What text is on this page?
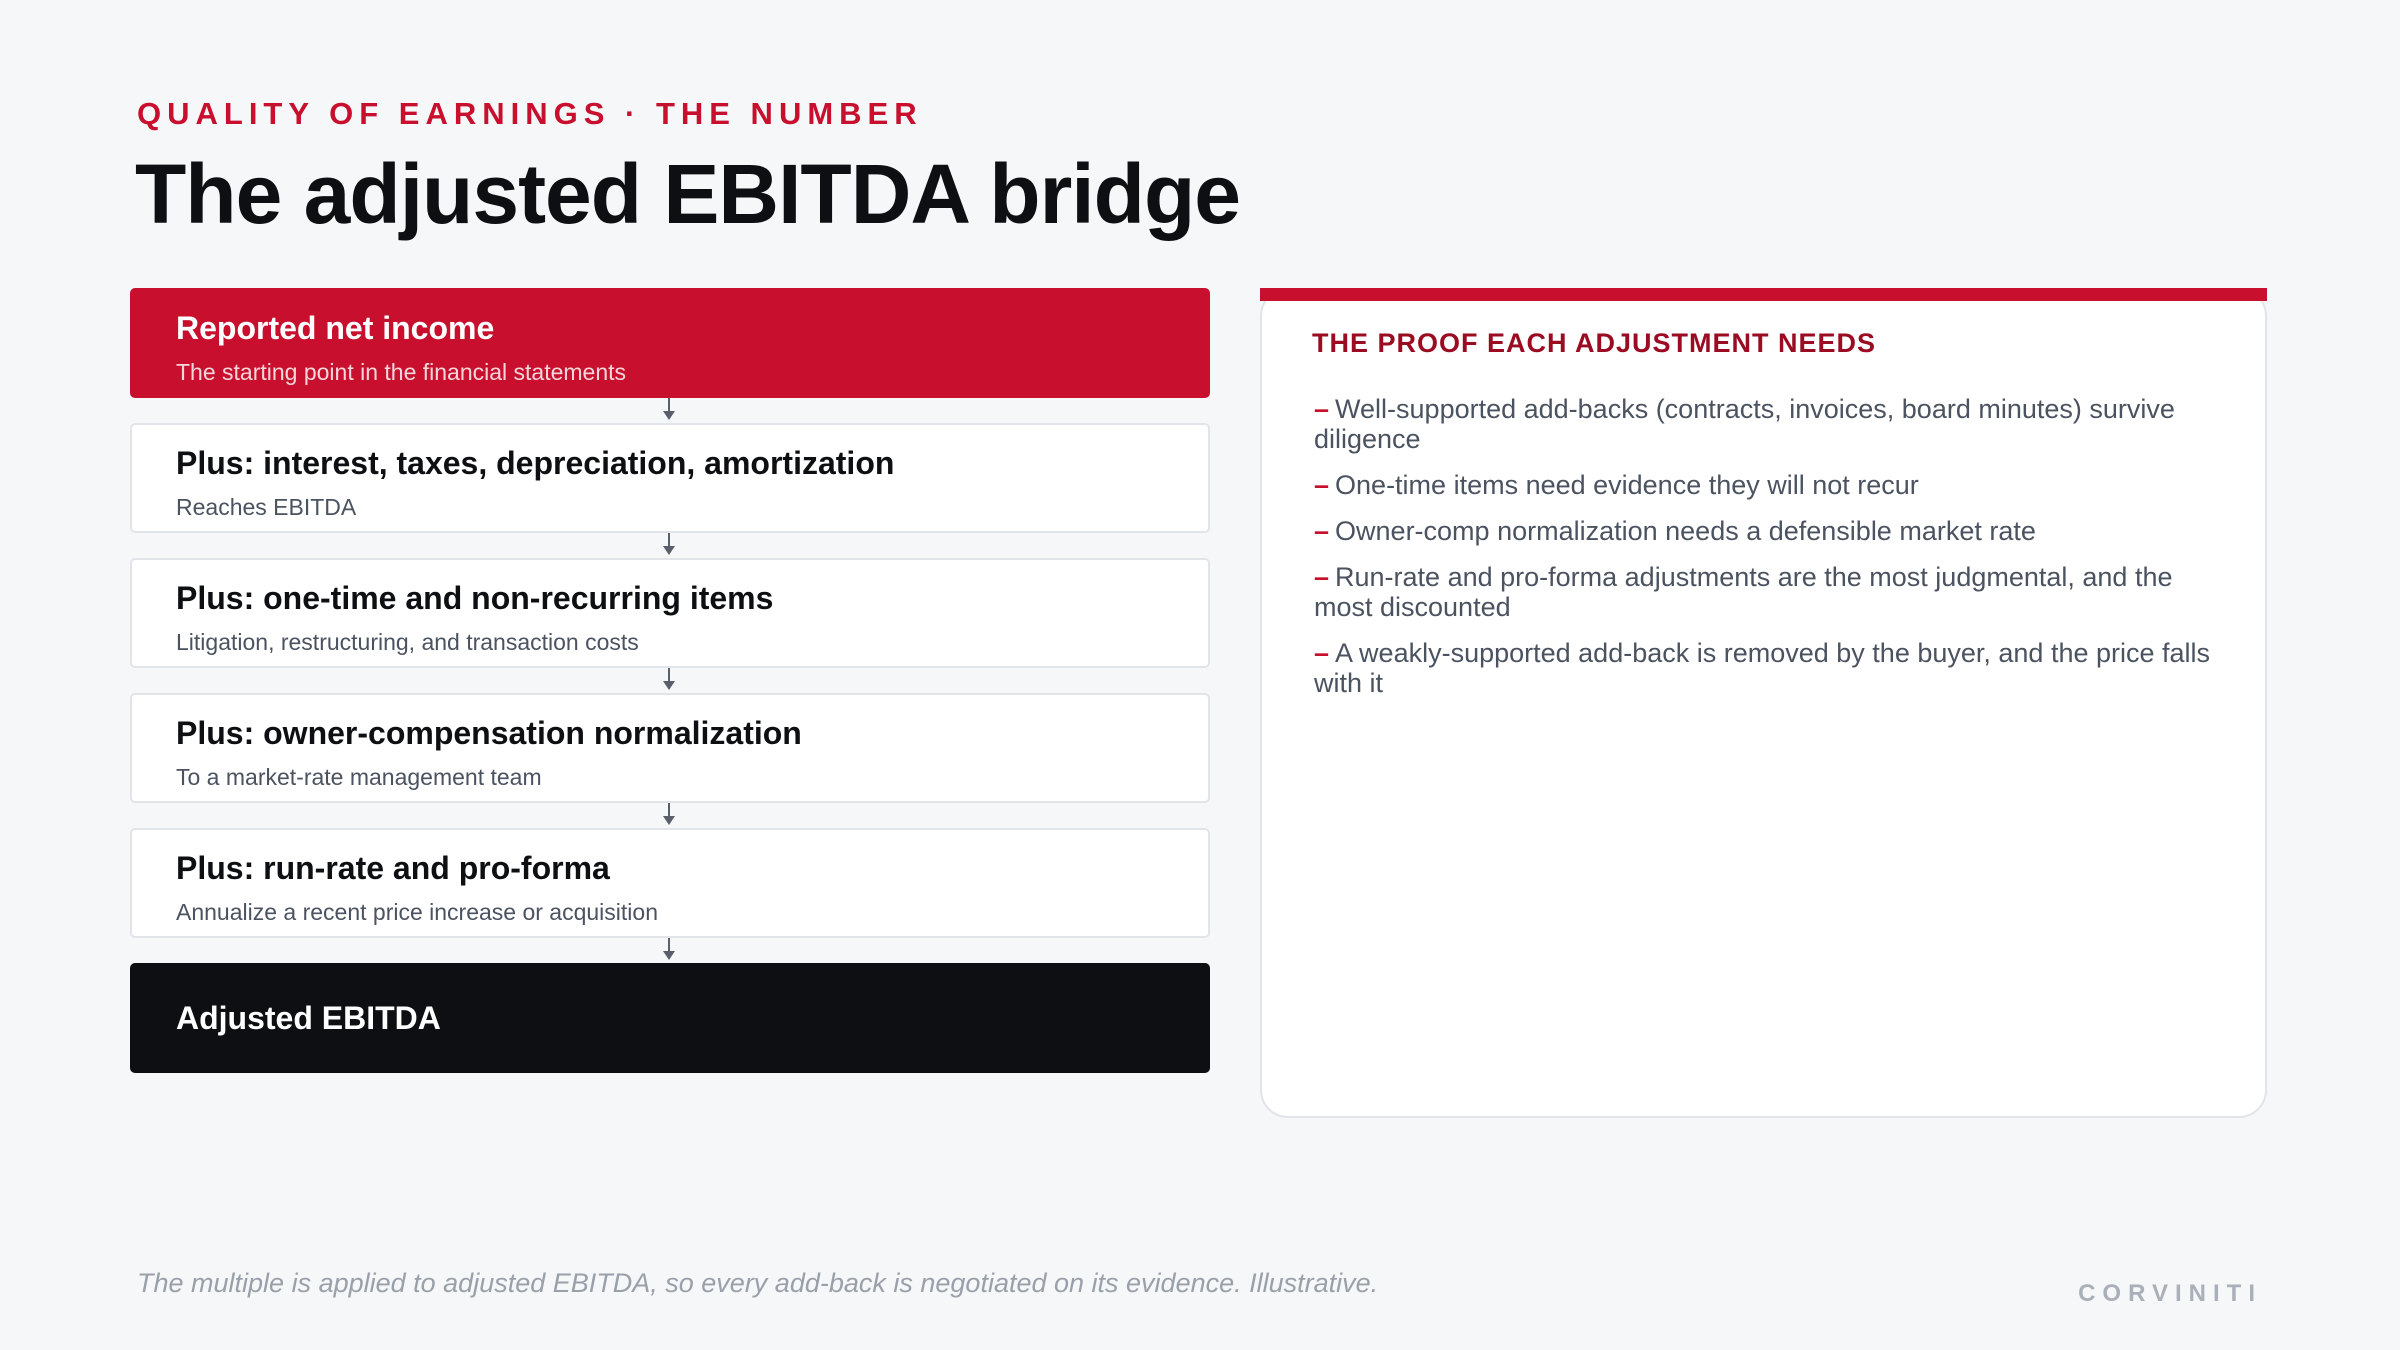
QUALITY OF EARNINGS · THE NUMBER
The adjusted EBITDA bridge
Reported net income
The starting point in the financial statements
Plus: interest, taxes, depreciation, amortization
Reaches EBITDA
Plus: one-time and non-recurring items
Litigation, restructuring, and transaction costs
Plus: owner-compensation normalization
To a market-rate management team
Plus: run-rate and pro-forma
Annualize a recent price increase or acquisition
Adjusted EBITDA
THE PROOF EACH ADJUSTMENT NEEDS
– Well-supported add-backs (contracts, invoices, board minutes) survive diligence
– One-time items need evidence they will not recur
– Owner-comp normalization needs a defensible market rate
– Run-rate and pro-forma adjustments are the most judgmental, and the most discounted
– A weakly-supported add-back is removed by the buyer, and the price falls with it
The multiple is applied to adjusted EBITDA, so every add-back is negotiated on its evidence. Illustrative.	CORVINITI
